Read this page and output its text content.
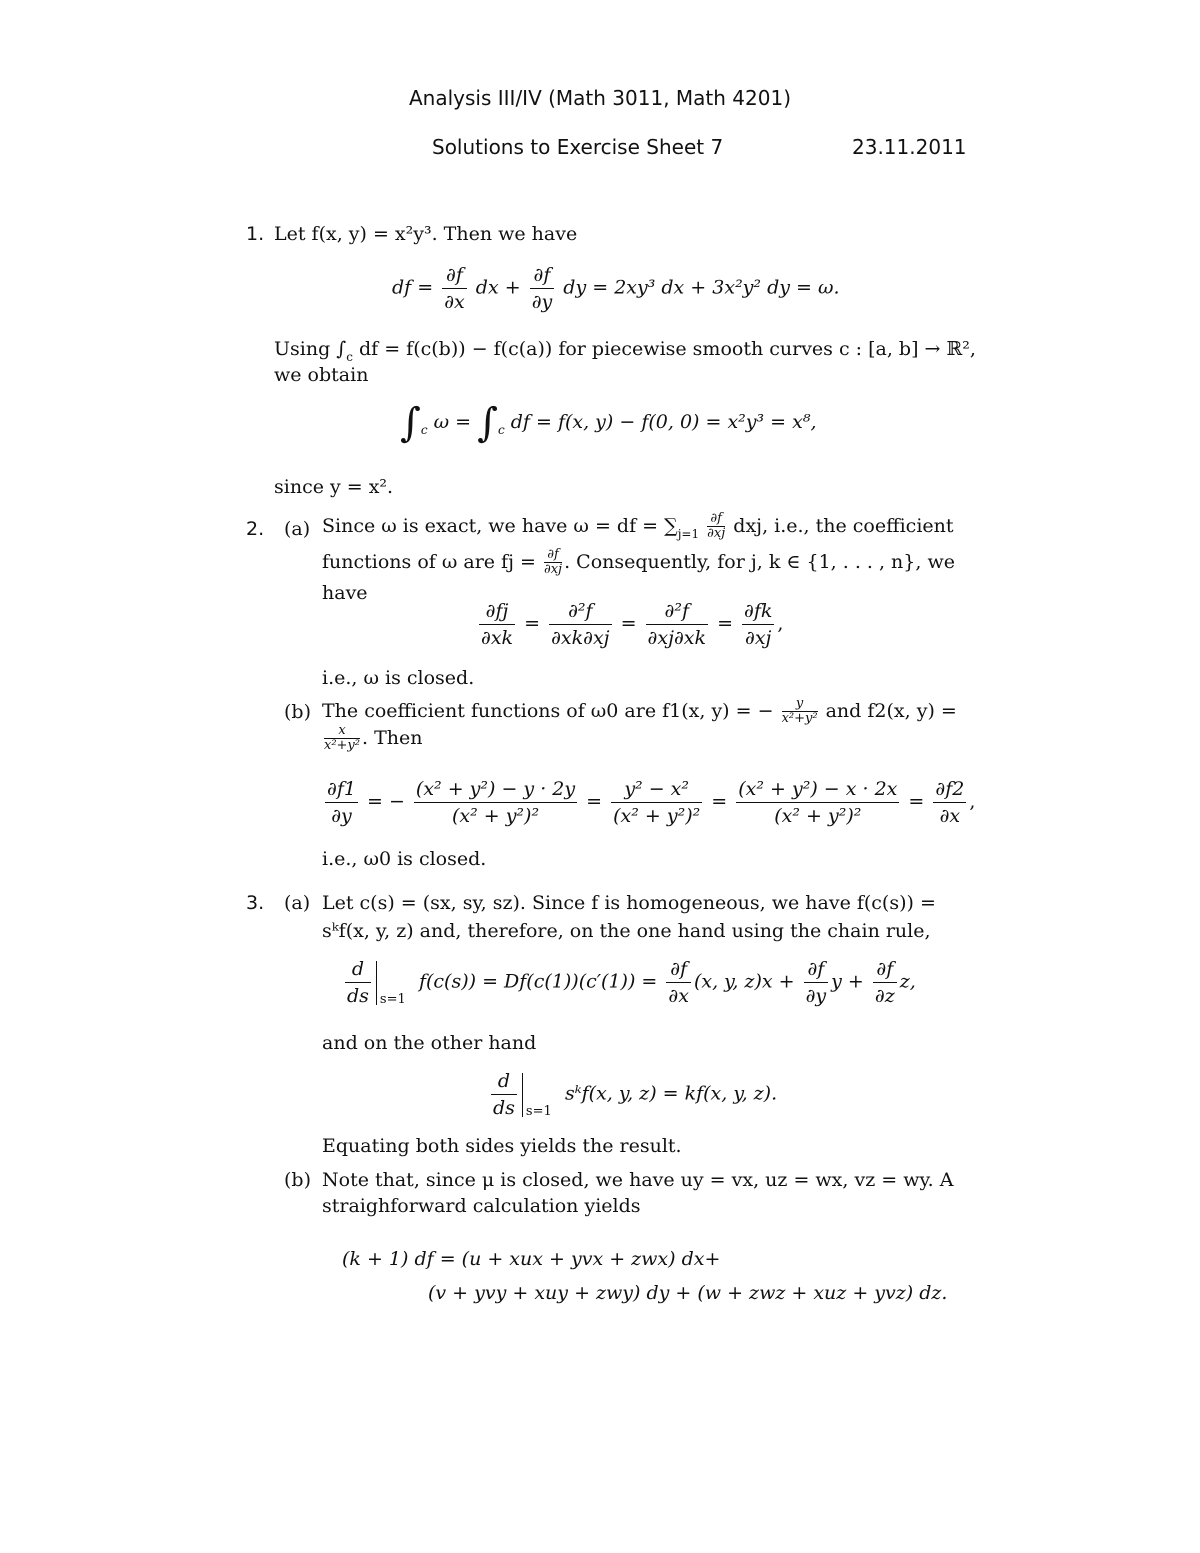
Analysis III/IV (Math 3011, Math 4201)
Solutions to Exercise Sheet 7	23.11.2011
1. Let f(x, y) = x²y³. Then we have
df = $\frac{\partial f}{\partial x}$ dx + $\frac{\partial f}{\partial y}$ dy = 2xy³ dx + 3x²y² dy = ω.
Using $\int_c$ df = f(c(b)) − f(c(a)) for piecewise smooth curves c : [a, b] → ℝ²,
we obtain
$\int_c$ $\omega = \int_c$ df = f(x, y) − f(0, 0) = x²y³ = x⁸,
since y = x².
2. (a) Since ω is exact, we have ω = df = $\sum_{j=1} \frac{\partial f}{\partial xj}$ dxj, i.e., the coefficient
functions of ω are fj = $\frac{\partial f}{\partial xj}$ . Consequently, for j, k ∈ {1, . . . , n}, we
have
$\frac{\partial fj}{\partial xk} = \frac{\text{∂²f}}{\partial xk\partial xj} = \frac{\text{∂²f}}{\partial xj\partial xk} = \frac{\partial fk}{\partial xj}$ ,
i.e., ω is closed.
(b) The coefficient functions of ω0 are f1(x, y) = − $\frac{y}{\text{x²+y²}}$ and f2(x, y) =
$\frac{x}{\text{x²+y²}}$ . Then
$\frac{\partial f1}{\partial y}$ = − $\frac{\text{(x² + y²) − y · 2y}}{\text{(x² + y²)²}} = \frac{\text{y² − x²}}{\text{(x² + y²)²}} = \frac{\text{(x² + y²) − x · 2x}}{\text{(x² + y²)²}} = \frac{\partial f2}{\partial x}$ ,
i.e., ω0 is closed.
3. (a) Let c(s) = (sx, sy, sz). Since f is homogeneous, we have f(c(s)) =
sᵏf(x, y, z) and, therefore, on the one hand using the chain rule,
$\frac{d}{ds} s=1$
$f(c(s)) = Df(c(1))(c'(1)) = \frac{\partial f}{\partial x} (x$, y, $z)x + \frac{\partial f}{\partial y}$ $y + \frac{\partial f}{\partial z} z$,
and on the other hand
$\frac{d}{ds} s=1$
sᵏf(x, y, z) = kf(x, y, z).
Equating both sides yields the result.
(b) Note that, since μ is closed, we have uy = vx, uz = wx, vz = wy. A
straighforward calculation yields
(k + 1) df = (u + xux + yvx + zwx) dx+
(v + yvy + xuy + zwy) dy + (w + zwz + xuz + yvz) dz.
